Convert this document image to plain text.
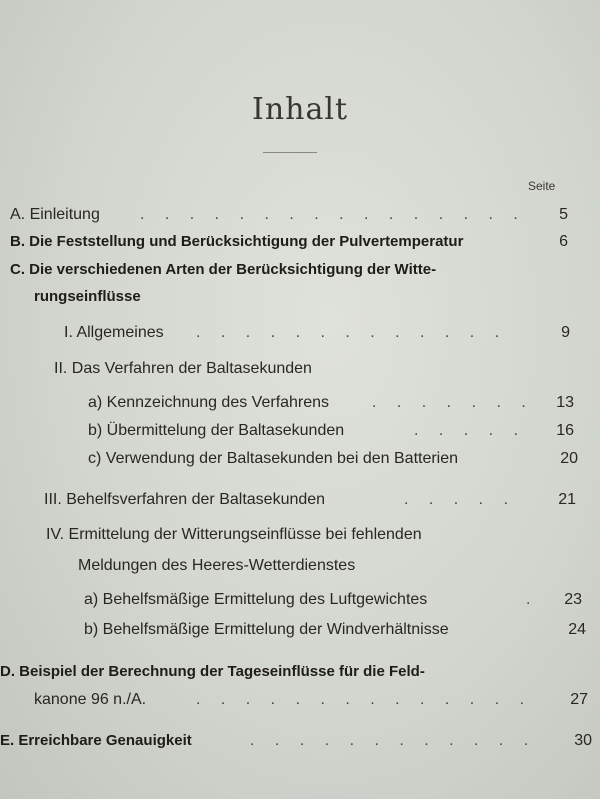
Inhalt
Seite
A. Einleitung	. . . . . . . . . . . . . . . .	5
B. Die Feststellung und Berücksichtigung der Pulvertemperatur	6
C. Die verschiedenen Arten der Berücksichtigung der Witte-
rungseinflüsse
I. Allgemeines . . . . . . . . . . . . .	9
II. Das Verfahren der Baltasekunden
a) Kennzeichnung des Verfahrens	. . . . . . .	13
b) Übermittelung der Baltasekunden	. . . . .	16
c) Verwendung der Baltasekunden bei den Batterien	20
III. Behelfsverfahren der Baltasekunden	. . . . .	21
IV. Ermittelung der Witterungseinflüsse bei fehlenden
Meldungen des Heeres-Wetterdienstes
a) Behelfsmäßige Ermittelung des Luftgewichtes	.	23
b) Behelfsmäßige Ermittelung der Windverhältnisse	24
D. Beispiel der Berechnung der Tageseinflüsse für die Feld-
kanone 96 n./A.	. . . . . . . . . . . . . .	27
E. Erreichbare Genauigkeit	. . . . . . . . . . . .	30
